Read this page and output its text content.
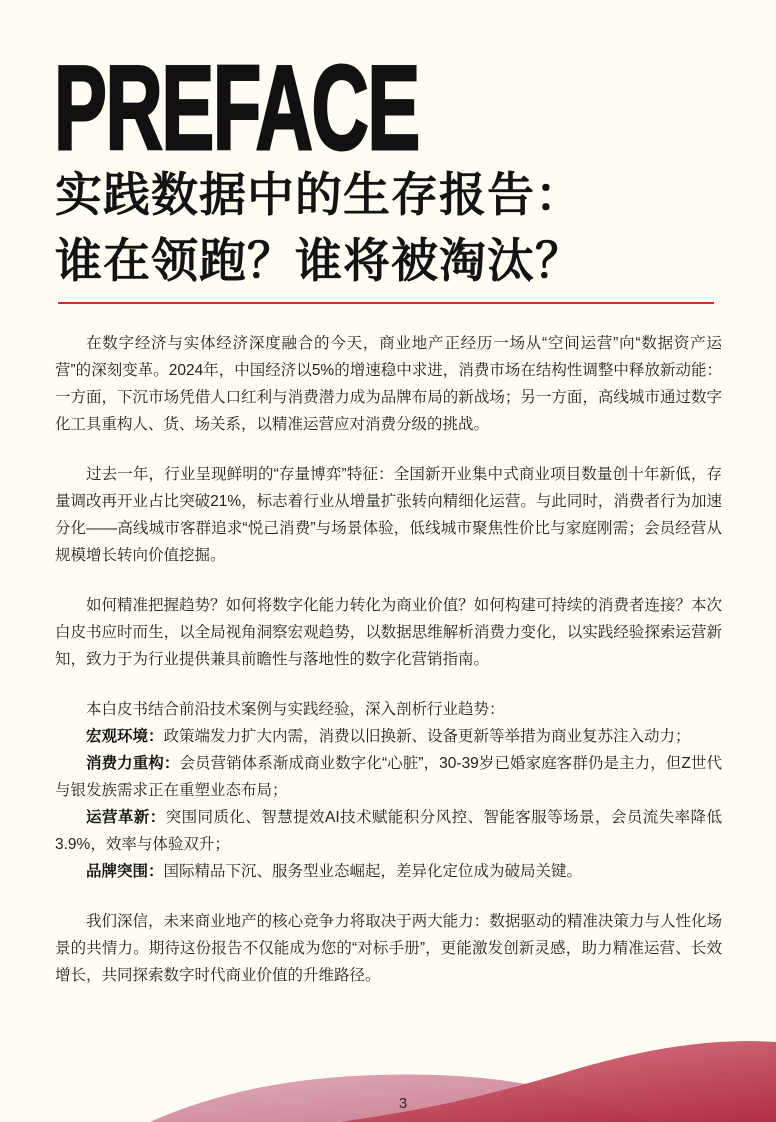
PREFACE
实践数据中的生存报告：
谁在领跑？谁将被淘汰？

在数字经济与实体经济深度融合的今天，商业地产正经历一场从“空间运营”向“数据资产运营”的深刻变革。2024年，中国经济以5%的增速稳中求进，消费市场在结构性调整中释放新动能：一方面，下沉市场凭借人口红利与消费潜力成为品牌布局的新战场；另一方面，高线城市通过数字化工具重构人、货、场关系，以精准运营应对消费分级的挑战。

过去一年，行业呈现鲜明的“存量博弈”特征：全国新开业集中式商业项目数量创十年新低，存量调改再开业占比突破21%，标志着行业从增量扩张转向精细化运营。与此同时，消费者行为加速分化——高线城市客群追求“悦己消费”与场景体验，低线城市聚焦性价比与家庭刚需；会员经营从规模增长转向价值挖掘。

如何精准把握趋势？如何将数字化能力转化为商业价值？如何构建可持续的消费者连接？本次白皮书应时而生，以全局视角洞察宏观趋势，以数据思维解析消费力变化，以实践经验探索运营新知，致力于为行业提供兼具前瞻性与落地性的数字化营销指南。

本白皮书结合前沿技术案例与实践经验，深入剖析行业趋势：

宏观环境：政策端发力扩大内需，消费以旧换新、设备更新等举措为商业复苏注入动力；

消费力重构：会员营销体系渐成商业数字化“心脏”，30-39岁已婚家庭客群仍是主力，但Z世代与银发族需求正在重塑业态布局；

运营革新：突围同质化、智慧提效AI技术赋能积分风控、智能客服等场景，会员流失率降低3.9%，效率与体验双升；

品牌突围：国际精品下沉、服务型业态崛起，差异化定位成为破局关键。

我们深信，未来商业地产的核心竞争力将取决于两大能力：数据驱动的精准决策力与人性化场景的共情力。期待这份报告不仅能成为您的“对标手册”，更能激发创新灵感，助力精准运营、长效增长，共同探索数字时代商业价值的升维路径。

3
